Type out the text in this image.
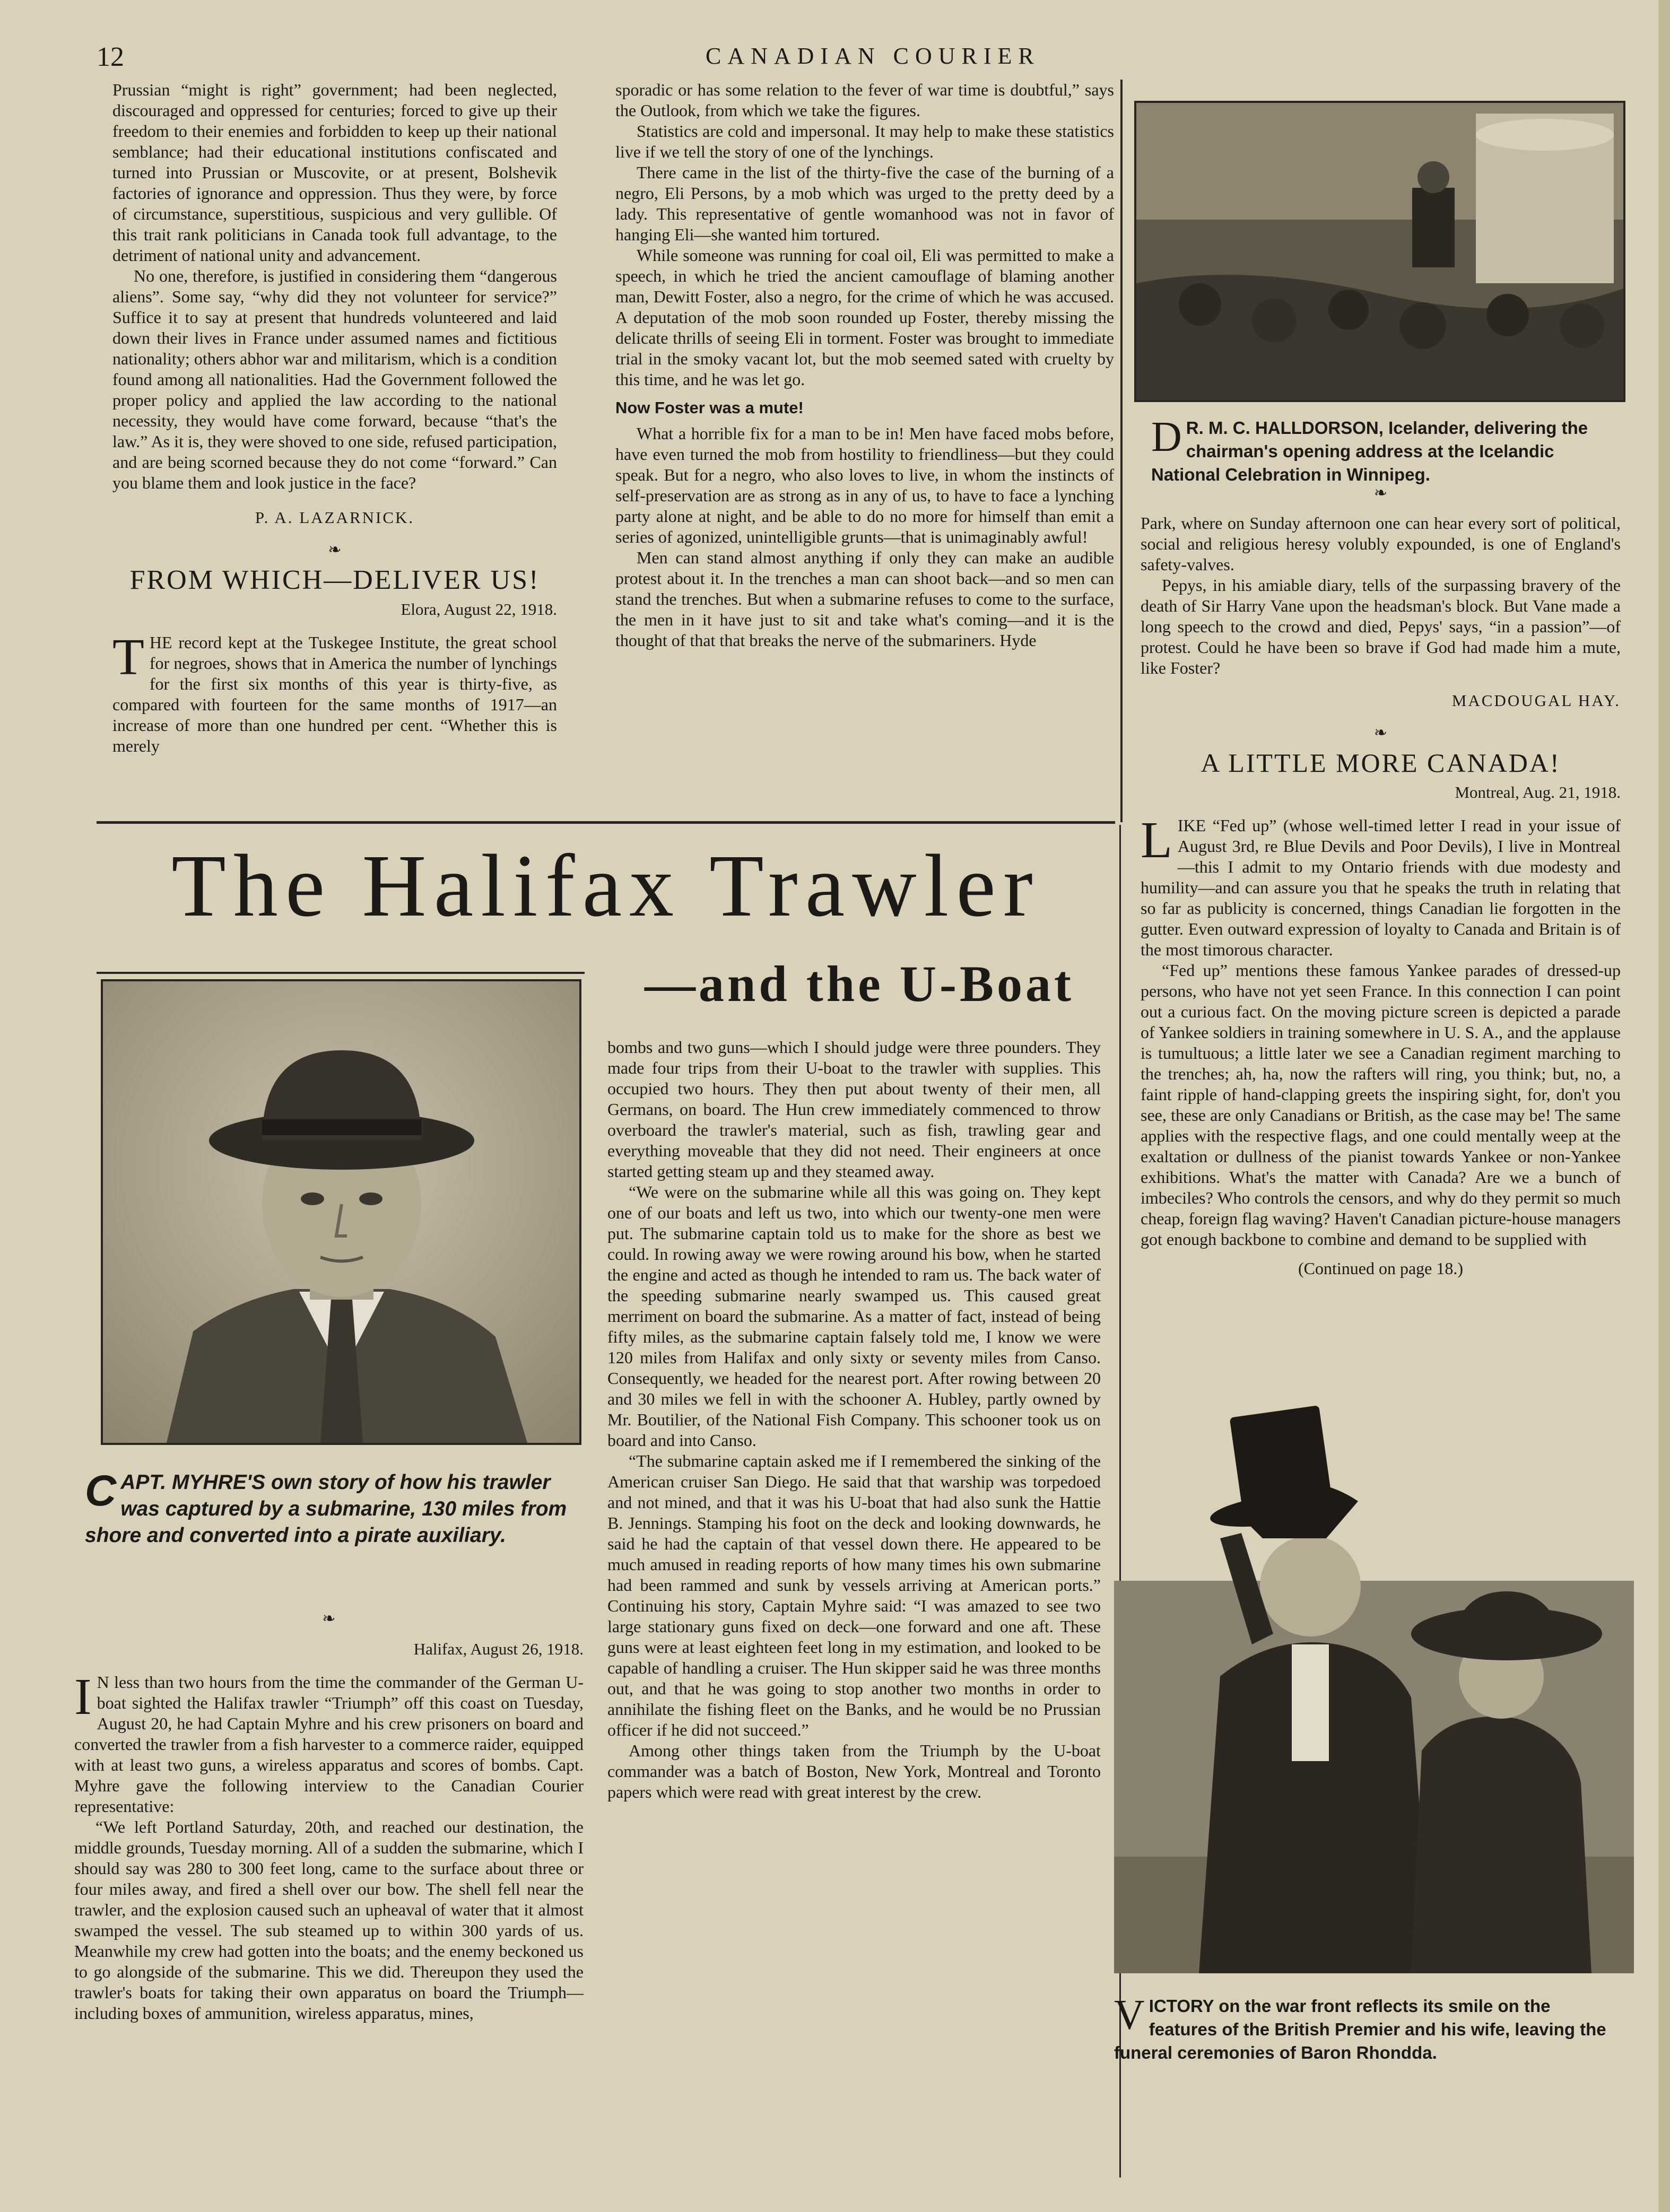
12	CANADIAN COURIER

Prussian “might is right” government; had been neglected, discouraged and oppressed for centuries; forced to give up their freedom to their enemies and forbidden to keep up their national semblance; had their educational institutions confiscated and turned into Prussian or Muscovite, or at present, Bolshevik factories of ignorance and oppression. Thus they were, by force of circumstance, superstitious, suspicious and very gullible. Of this trait rank politicians in Canada took full advantage, to the detriment of national unity and advancement.

No one, therefore, is justified in considering them “dangerous aliens”. Some say, “why did they not volunteer for service?” Suffice it to say at present that hundreds volunteered and laid down their lives in France under assumed names and fictitious nationality; others abhor war and militarism, which is a condition found among all nationalities. Had the Government followed the proper policy and applied the law according to the national necessity, they would have come forward, because “that's the law.” As it is, they were shoved to one side, refused participation, and are being scorned because they do not come “forward.” Can you blame them and look justice in the face?

P. A. LAZARNICK.
❧
FROM WHICH—DELIVER US!
Elora, August 22, 1918.

THE record kept at the Tuskegee Institute, the great school for negroes, shows that in America the number of lynchings for the first six months of this year is thirty-five, as compared with fourteen for the same months of 1917—an increase of more than one hundred per cent. “Whether this is merely

sporadic or has some relation to the fever of war time is doubtful,” says the Outlook, from which we take the figures.

Statistics are cold and impersonal. It may help to make these statistics live if we tell the story of one of the lynchings.

There came in the list of the thirty-five the case of the burning of a negro, Eli Persons, by a mob which was urged to the pretty deed by a lady. This representative of gentle womanhood was not in favor of hanging Eli—she wanted him tortured.

While someone was running for coal oil, Eli was permitted to make a speech, in which he tried the ancient camouflage of blaming another man, Dewitt Foster, also a negro, for the crime of which he was accused. A deputation of the mob soon rounded up Foster, thereby missing the delicate thrills of seeing Eli in torment. Foster was brought to immediate trial in the smoky vacant lot, but the mob seemed sated with cruelty by this time, and he was let go.

Now Foster was a mute!

What a horrible fix for a man to be in! Men have faced mobs before, have even turned the mob from hostility to friendliness—but they could speak. But for a negro, who also loves to live, in whom the instincts of self-preservation are as strong as in any of us, to have to face a lynching party alone at night, and be able to do no more for himself than emit a series of agonized, unintelligible grunts—that is unimaginably awful!

Men can stand almost anything if only they can make an audible protest about it. In the trenches a man can shoot back—and so men can stand the trenches. But when a submarine refuses to come to the surface, the men in it have just to sit and take what's coming—and it is the thought of that that breaks the nerve of the submariners. Hyde

The Halifax Trawler
—and the U-Boat
CAPT. MYHRE'S own story of how his trawler was captured by a submarine, 130 miles from shore and converted into a pirate auxiliary.
❧
Halifax, August 26, 1918.

I N less than two hours from the time the commander of the German U-boat sighted the Halifax trawler “Triumph” off this coast on Tuesday, August 20, he had Captain Myhre and his crew prisoners on board and converted the trawler from a fish harvester to a commerce raider, equipped with at least two guns, a wireless apparatus and scores of bombs. Capt. Myhre gave the following interview to the Canadian Courier representative:

“We left Portland Saturday, 20th, and reached our destination, the middle grounds, Tuesday morning. All of a sudden the submarine, which I should say was 280 to 300 feet long, came to the surface about three or four miles away, and fired a shell over our bow. The shell fell near the trawler, and the explosion caused such an upheaval of water that it almost swamped the vessel. The sub steamed up to within 300 yards of us. Meanwhile my crew had gotten into the boats; and the enemy beckoned us to go alongside of the submarine. This we did. Thereupon they used the trawler's boats for taking their own apparatus on board the Triumph—including boxes of ammunition, wireless apparatus, mines,

bombs and two guns—which I should judge were three pounders. They made four trips from their U-boat to the trawler with supplies. This occupied two hours. They then put about twenty of their men, all Germans, on board. The Hun crew immediately commenced to throw overboard the trawler's material, such as fish, trawling gear and everything moveable that they did not need. Their engineers at once started getting steam up and they steamed away.

“We were on the submarine while all this was going on. They kept one of our boats and left us two, into which our twenty-one men were put. The submarine captain told us to make for the shore as best we could. In rowing away we were rowing around his bow, when he started the engine and acted as though he intended to ram us. The back water of the speeding submarine nearly swamped us. This caused great merriment on board the submarine. As a matter of fact, instead of being fifty miles, as the submarine captain falsely told me, I know we were 120 miles from Halifax and only sixty or seventy miles from Canso. Consequently, we headed for the nearest port. After rowing between 20 and 30 miles we fell in with the schooner A. Hubley, partly owned by Mr. Boutilier, of the National Fish Company. This schooner took us on board and into Canso.

“The submarine captain asked me if I remembered the sinking of the American cruiser San Diego. He said that that warship was torpedoed and not mined, and that it was his U-boat that had also sunk the Hattie B. Jennings. Stamping his foot on the deck and looking downwards, he said he had the captain of that vessel down there. He appeared to be much amused in reading reports of how many times his own submarine had been rammed and sunk by vessels arriving at American ports.” Continuing his story, Captain Myhre said: “I was amazed to see two large stationary guns fixed on deck—one forward and one aft. These guns were at least eighteen feet long in my estimation, and looked to be capable of handling a cruiser. The Hun skipper said he was three months out, and that he was going to stop another two months in order to annihilate the fishing fleet on the Banks, and he would be no Prussian officer if he did not succeed.”

Among other things taken from the Triumph by the U-boat commander was a batch of Boston, New York, Montreal and Toronto papers which were read with great interest by the crew.

D R. M. C. HALLDORSON, Icelander, delivering the chairman's opening address at the Icelandic National Celebration in Winnipeg.
❧

Park, where on Sunday afternoon one can hear every sort of political, social and religious heresy volubly expounded, is one of England's safety-valves.

Pepys, in his amiable diary, tells of the surpassing bravery of the death of Sir Harry Vane upon the headsman's block. But Vane made a long speech to the crowd and died, Pepys' says, “in a passion”—of protest. Could he have been so brave if God had made him a mute, like Foster?

MACDOUGAL HAY.
❧
A LITTLE MORE CANADA!
Montreal, Aug. 21, 1918.

LIKE “Fed up” (whose well-timed letter I read in your issue of August 3rd, re Blue Devils and Poor Devils), I live in Montreal—this I admit to my Ontario friends with due modesty and humility—and can assure you that he speaks the truth in relating that so far as publicity is concerned, things Canadian lie forgotten in the gutter. Even outward expression of loyalty to Canada and Britain is of the most timorous character.

“Fed up” mentions these famous Yankee parades of dressed-up persons, who have not yet seen France. In this connection I can point out a curious fact. On the moving picture screen is depicted a parade of Yankee soldiers in training somewhere in U. S. A., and the applause is tumultuous; a little later we see a Canadian regiment marching to the trenches; ah, ha, now the rafters will ring, you think; but, no, a faint ripple of hand-clapping greets the inspiring sight, for, don't you see, these are only Canadians or British, as the case may be! The same applies with the respective flags, and one could mentally weep at the exaltation or dullness of the pianist towards Yankee or non-Yankee exhibitions. What's the matter with Canada? Are we a bunch of imbeciles? Who controls the censors, and why do they permit so much cheap, foreign flag waving? Haven't Canadian picture-house managers got enough backbone to combine and demand to be supplied with

(Continued on page 18.)
VICTORY on the war front reflects its smile on the features of the British Premier and his wife, leaving the funeral ceremonies of Baron Rhondda.
